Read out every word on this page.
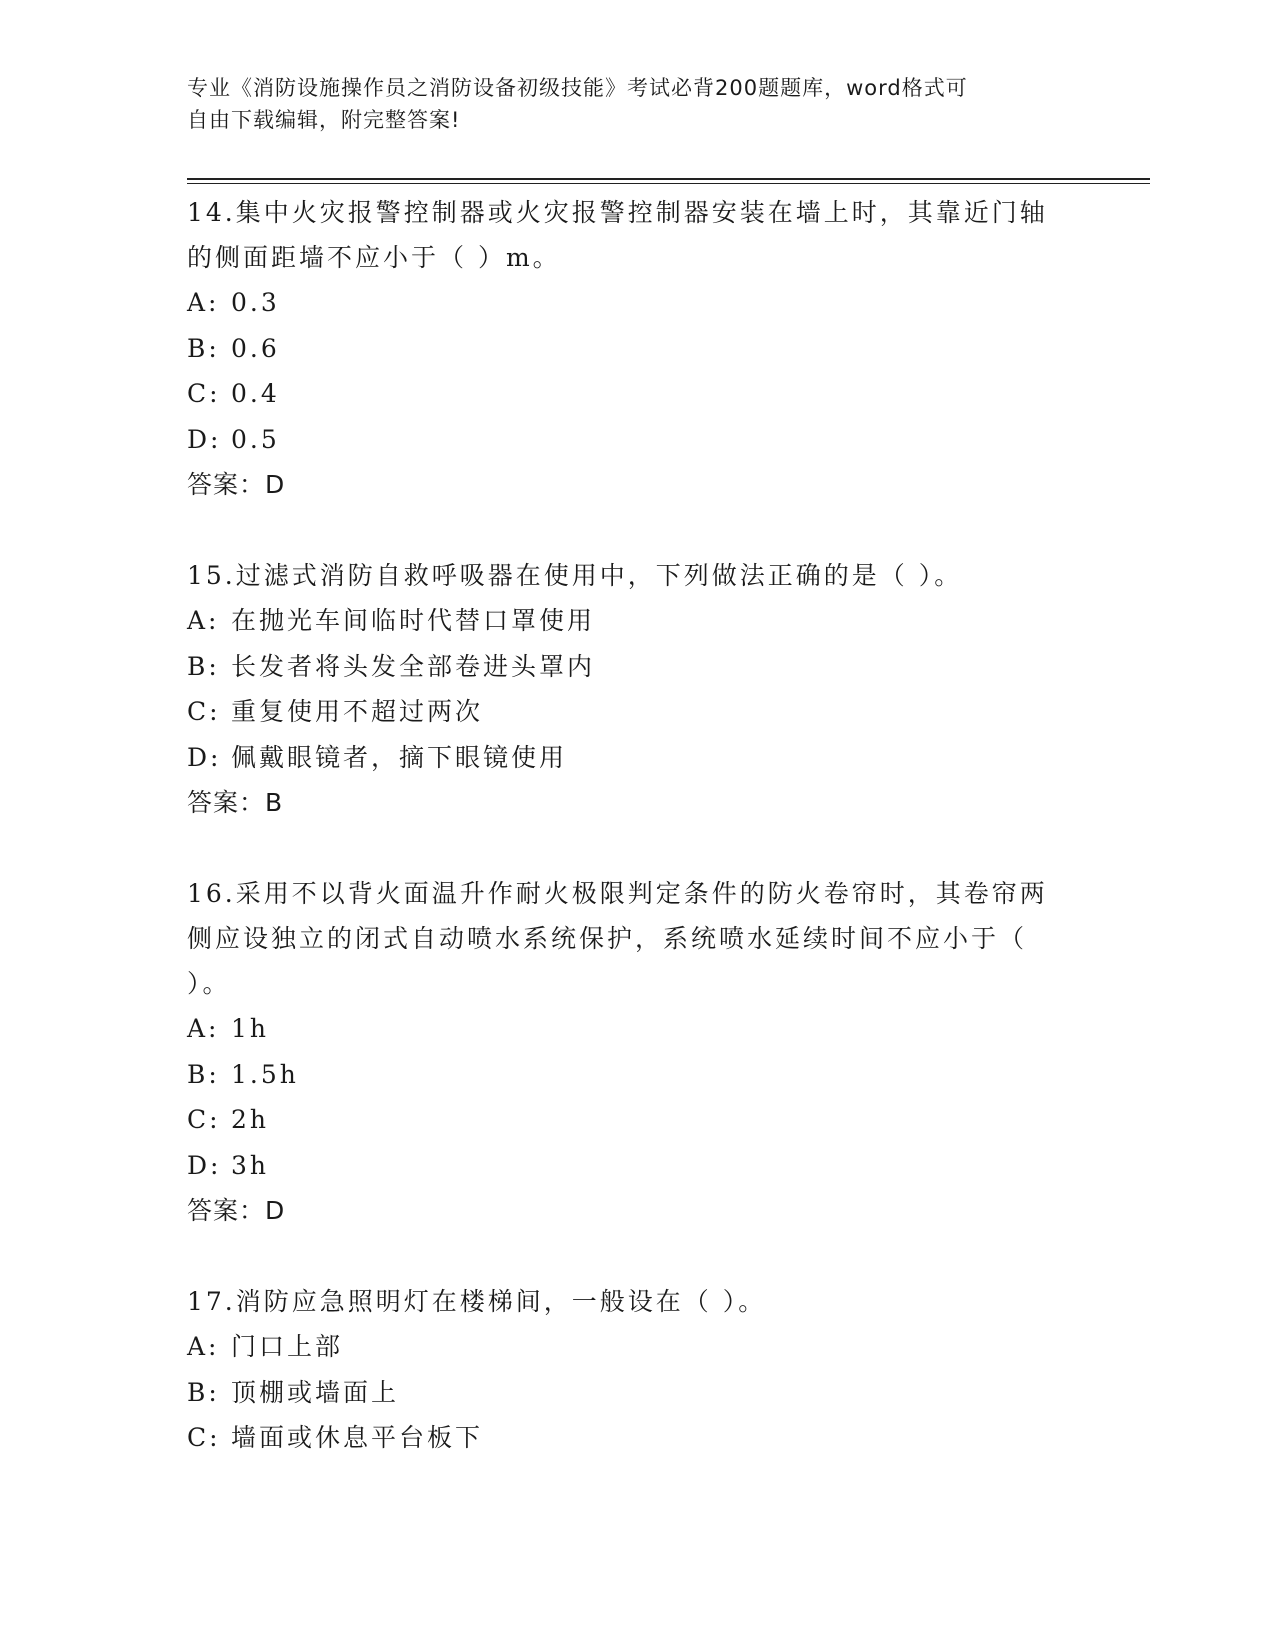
专业《消防设施操作员之消防设备初级技能》考试必背200题题库，word格式可
自由下载编辑，附完整答案!
14.集中火灾报警控制器或火灾报警控制器安装在墙上时，其靠近门轴
的侧面距墙不应小于（ ）m。
A: 0.3
B: 0.6
C: 0.4
D: 0.5
答案：D
15.过滤式消防自救呼吸器在使用中，下列做法正确的是（ ）。
A: 在抛光车间临时代替口罩使用
B: 长发者将头发全部卷进头罩内
C: 重复使用不超过两次
D: 佩戴眼镜者，摘下眼镜使用
答案：B
16.采用不以背火面温升作耐火极限判定条件的防火卷帘时，其卷帘两
侧应设独立的闭式自动喷水系统保护，系统喷水延续时间不应小于（
）。
A: 1h
B: 1.5h
C: 2h
D: 3h
答案：D
17.消防应急照明灯在楼梯间，一般设在（ ）。
A: 门口上部
B: 顶棚或墙面上
C: 墙面或休息平台板下
